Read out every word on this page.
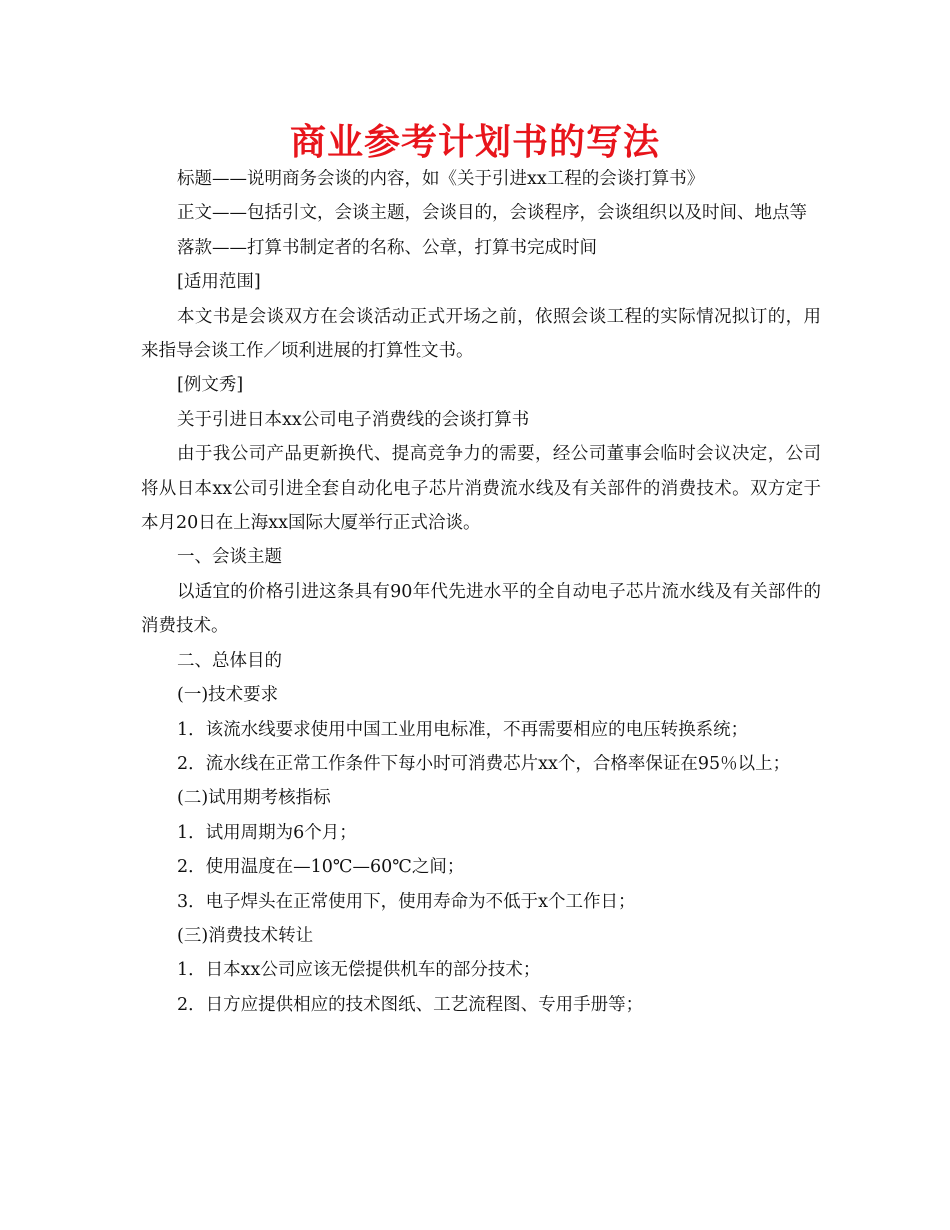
商业参考计划书的写法

标题——说明商务会谈的内容，如《关于引进xx工程的会谈打算书》

正文——包括引文，会谈主题，会谈目的，会谈程序，会谈组织以及时间、地点等

落款——打算书制定者的名称、公章，打算书完成时间

[适用范围]

本文书是会谈双方在会谈活动正式开场之前，依照会谈工程的实际情况拟订的，用来指导会谈工作／顷利进展的打算性文书。

[例文秀]

关于引进日本xx公司电子消费线的会谈打算书

由于我公司产品更新换代、提高竞争力的需要，经公司董事会临时会议决定，公司将从日本xx公司引进全套自动化电子芯片消费流水线及有关部件的消费技术。双方定于本月20日在上海xx国际大厦举行正式洽谈。

一、会谈主题

以适宜的价格引进这条具有90年代先进水平的全自动电子芯片流水线及有关部件的消费技术。

二、总体目的

(一)技术要求

1．该流水线要求使用中国工业用电标准，不再需要相应的电压转换系统；

2．流水线在正常工作条件下每小时可消费芯片xx个，合格率保证在95％以上；

(二)试用期考核指标

1．试用周期为6个月；

2．使用温度在—10℃—60℃之间；

3．电子焊头在正常使用下，使用寿命为不低于x个工作日；

(三)消费技术转让

1．日本xx公司应该无偿提供机车的部分技术；

2．日方应提供相应的技术图纸、工艺流程图、专用手册等；
